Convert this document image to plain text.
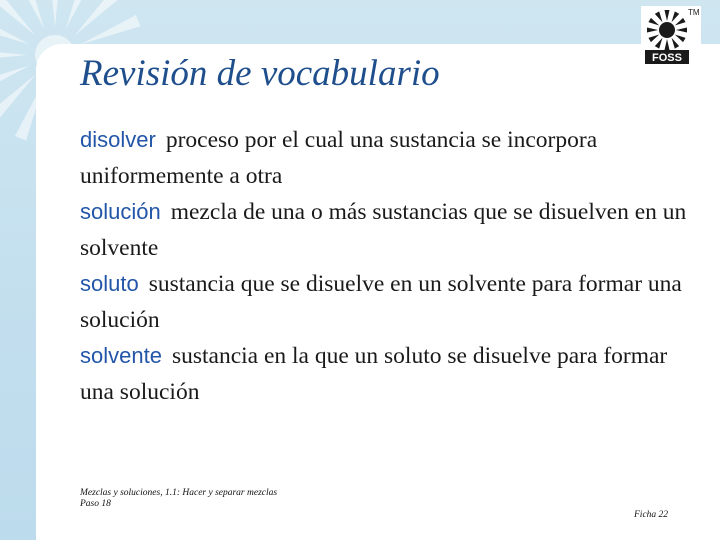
Revisión de vocabulario	FOSS
TM

disolver proceso por el cual una sustancia se incorpora uniformemente a otra

solución mezcla de una o más sustancias que se disuelven en un solvente

soluto sustancia que se disuelve en un solvente para formar una solución

solvente sustancia en la que un soluto se disuelve para formar una solución

Mezclas y soluciones, 1.1: Hacer y separar mezclas
Paso 18
Ficha 22
